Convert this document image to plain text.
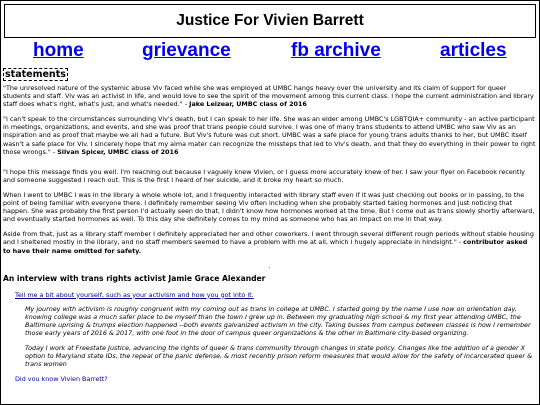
Justice For Vivien Barrett
home	grievance	fb archive	articles
statements

"The unresolved nature of the systemic abuse Viv faced while she was employed at UMBC hangs heavy over the university and its claim of support for queer students and staff. Viv was an activist in life, and would love to see the spirit of the movement among this current class. I hope the current administration and library staff does what's right, what's just, and what's needed." - Jake Leizear, UMBC class of 2016

"I can't speak to the circumstances surrounding Viv's death, but I can speak to her life. She was an elder among UMBC's LGBTQIA+ community - an active participant in meetings, organizations, and events, and she was proof that trans people could survive. I was one of many trans students to attend UMBC who saw Viv as an inspiration and as proof that maybe we all had a future. But Viv's future was cut short. UMBC was a safe place for young trans adults thanks to her, but UMBC itself wasn't a safe place for Viv. I sincerely hope that my alma mater can recognize the missteps that led to Viv's death, and that they do everything in their power to right those wrongs." - Silvan Spicer, UMBC class of 2016

"I hope this message finds you well. I'm reaching out because I vaguely knew Vivien, or I guess more accurately knew of her. I saw your flyer on Facebook recently and someone suggested I reach out. This is the first I heard of her suicide, and it broke my heart so much.

When I went to UMBC I was in the library a whole whole lot, and I frequently interacted with library staff even if it was just checking out books or in passing, to the point of being familiar with everyone there. I definitely remember seeing Viv often including when she probably started taking hormones and just noticing that happen. She was probably the first person I'd actually seen do that, I didn't know how hormones worked at the time. But I come out as trans slowly shortly afterward, and eventually started hormones as well. To this day she definitely comes to my mind as someone who has an impact on me in that way.

Aside from that, just as a library staff member I definitely appreciated her and other coworkers. I went through several different rough periods without stable housing and I sheltered mostly in the library, and no staff members seemed to have a problem with me at all, which I hugely appreciate in hindsight." - contributor asked to have their name omitted for safety.

.
An interview with trans rights activist Jamie Grace Alexander
Tell me a bit about yourself, such as your activism and how you got into it.

My journey with activism is roughly congruent with my coming out as trans in college at UMBC. I started going by the name I use now on orientation day, knowing college was a much safer place to be myself than the town I grew up in. Between my graduating high school & my first year attending UMBC, the Baltimore uprising & trumps election happened --both events galvanized activism in the city. Taking busses from campus between classes is how I remember those early years of 2016 & 2017, with one foot in the door of campus queer organizations & the other in Baltimore city-based organizing.

Today I work at Freestate Justice, advancing the rights of queer & trans community through changes in state policy. Changes like the addition of a gender X option to Maryland state IDs, the repeal of the panic defense, & most recently prison reform measures that would allow for the safety of incarcerated queer & trans women

Did you know Vivien Barrett?
